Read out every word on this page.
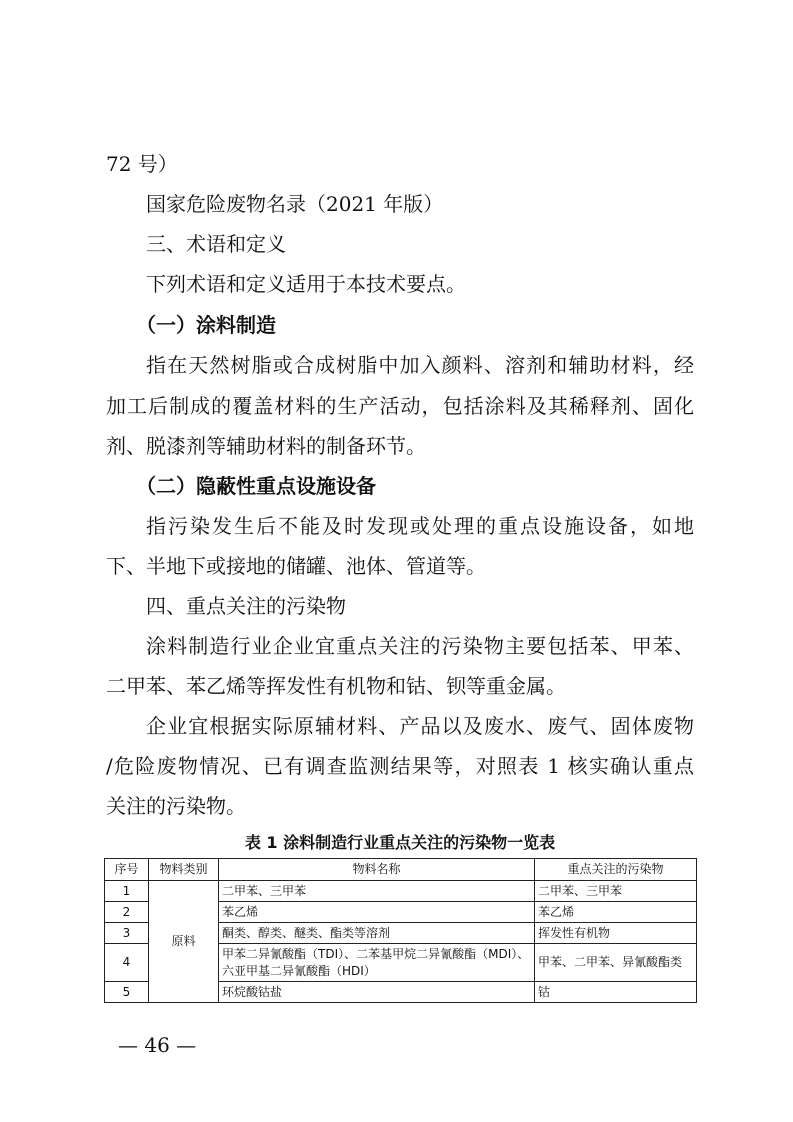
72 号）
国家危险废物名录（2021 年版）
三、术语和定义
下列术语和定义适用于本技术要点。
（一）涂料制造
指在天然树脂或合成树脂中加入颜料、溶剂和辅助材料，经
加工后制成的覆盖材料的生产活动，包括涂料及其稀释剂、固化
剂、脱漆剂等辅助材料的制备环节。
（二）隐蔽性重点设施设备
指污染发生后不能及时发现或处理的重点设施设备，如地
下、半地下或接地的储罐、池体、管道等。
四、重点关注的污染物
涂料制造行业企业宜重点关注的污染物主要包括苯、甲苯、
二甲苯、苯乙烯等挥发性有机物和钴、钡等重金属。
企业宜根据实际原辅材料、产品以及废水、废气、固体废物
/危险废物情况、已有调查监测结果等，对照表 1 核实确认重点
关注的污染物。
表 1 涂料制造行业重点关注的污染物一览表
序号	物料类别	物料名称	重点关注的污染物
1	原料	二甲苯、三甲苯	二甲苯、三甲苯
2		苯乙烯	苯乙烯
3		酮类、醇类、醚类、酯类等溶剂	挥发性有机物
4		甲苯二异氰酸酯（TDI）、二苯基甲烷二异氰酸酯（MDI）、六亚甲基二异氰酸酯（HDI）	甲苯、二甲苯、异氰酸酯类
5		环烷酸钴盐	钴
— 46 —
